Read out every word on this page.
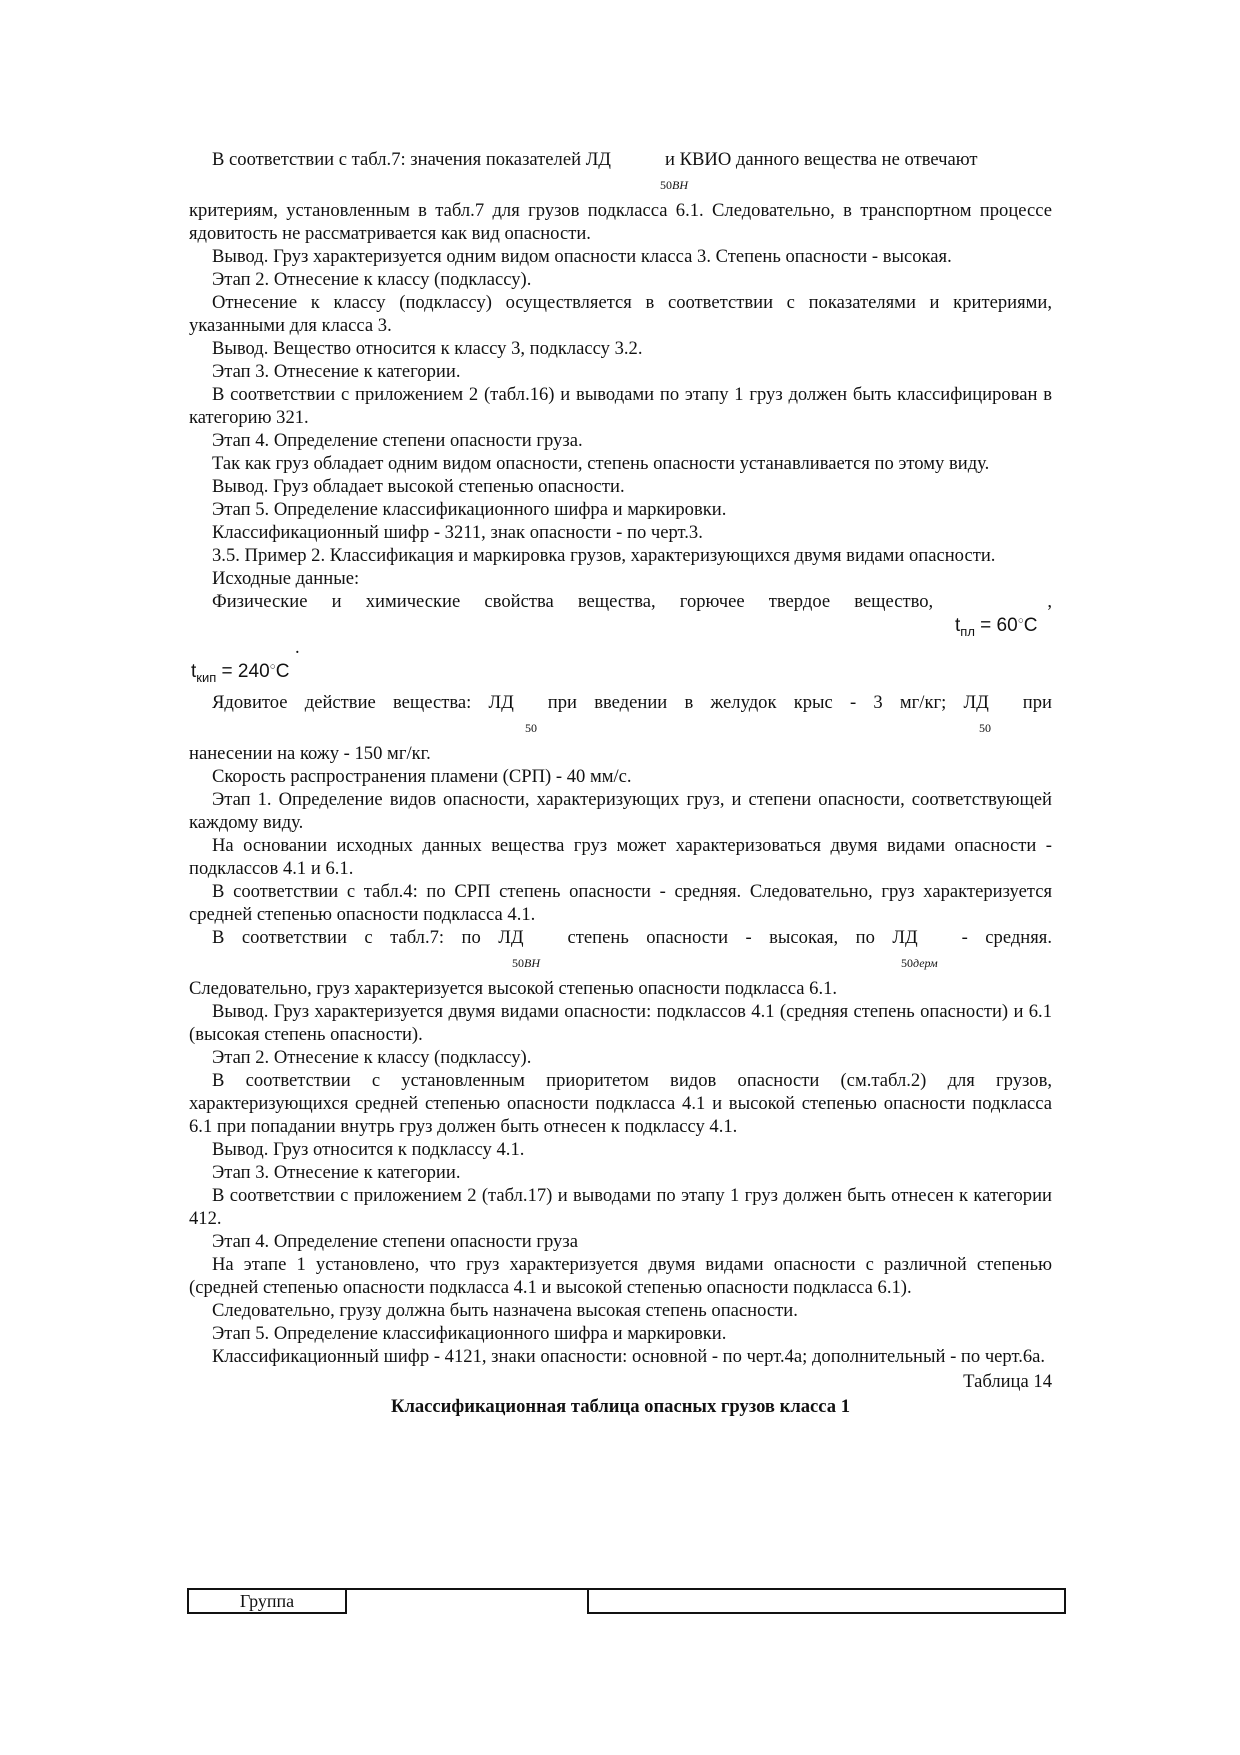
В соответствии с табл.7: значения показателей ЛД	и КВИО данного вещества не отвечают

50ВН

критериям, установленным в табл.7 для грузов подкласса 6.1. Следовательно, в транспортном процессе ядовитость не рассматривается как вид опасности.

Вывод. Груз характеризуется одним видом опасности класса 3. Степень опасности - высокая.

Этап 2. Отнесение к классу (подклассу).

Отнесение к классу (подклассу) осуществляется в соответствии с показателями и критериями, указанными для класса 3.

Вывод. Вещество относится к классу 3, подклассу 3.2.

Этап 3. Отнесение к категории.

В соответствии с приложением 2 (табл.16) и выводами по этапу 1 груз должен быть классифицирован в категорию 321.

Этап 4. Определение степени опасности груза.

Так как груз обладает одним видом опасности, степень опасности устанавливается по этому виду.

Вывод. Груз обладает высокой степенью опасности.

Этап 5. Определение классификационного шифра и маркировки.

Классификационный шифр - 3211, знак опасности - по черт.3.

3.5. Пример 2. Классификация и маркировка грузов, характеризующихся двумя видами опасности.

Исходные данные:

Физические и химические свойства вещества, горючее твердое вещество,	,

$t_{пл} = 60^○C$
.
$t_{кип} = 240^○C$

Ядовитое действие вещества: ЛД при введении в желудок крыс - 3 мг/кг; ЛД при

50	50

нанесении на кожу - 150 мг/кг.

Скорость распространения пламени (СРП) - 40 мм/с.

Этап 1. Определение видов опасности, характеризующих груз, и степени опасности, соответствующей каждому виду.

На основании исходных данных вещества груз может характеризоваться двумя видами опасности - подклассов 4.1 и 6.1.

В соответствии с табл.4: по СРП степень опасности - средняя. Следовательно, груз характеризуется средней степенью опасности подкласса 4.1.

В соответствии с табл.7: по ЛД степень опасности - высокая, по ЛД - средняя.

50ВН	50дерм

Следовательно, груз характеризуется высокой степенью опасности подкласса 6.1.

Вывод. Груз характеризуется двумя видами опасности: подклассов 4.1 (средняя степень опасности) и 6.1 (высокая степень опасности).

Этап 2. Отнесение к классу (подклассу).

В соответствии с установленным приоритетом видов опасности (см.табл.2) для грузов, характеризующихся средней степенью опасности подкласса 4.1 и высокой степенью опасности подкласса 6.1 при попадании внутрь груз должен быть отнесен к подклассу 4.1.

Вывод. Груз относится к подклассу 4.1.

Этап 3. Отнесение к категории.

В соответствии с приложением 2 (табл.17) и выводами по этапу 1 груз должен быть отнесен к категории 412.

Этап 4. Определение степени опасности груза

На этапе 1 установлено, что груз характеризуется двумя видами опасности с различной степенью (средней степенью опасности подкласса 4.1 и высокой степенью опасности подкласса 6.1).

Следовательно, грузу должна быть назначена высокая степень опасности.

Этап 5. Определение классификационного шифра и маркировки.

Классификационный шифр - 4121, знаки опасности: основной - по черт.4а; дополнительный - по черт.6а.

Таблица 14

Классификационная таблица опасных грузов класса 1

Группа		
